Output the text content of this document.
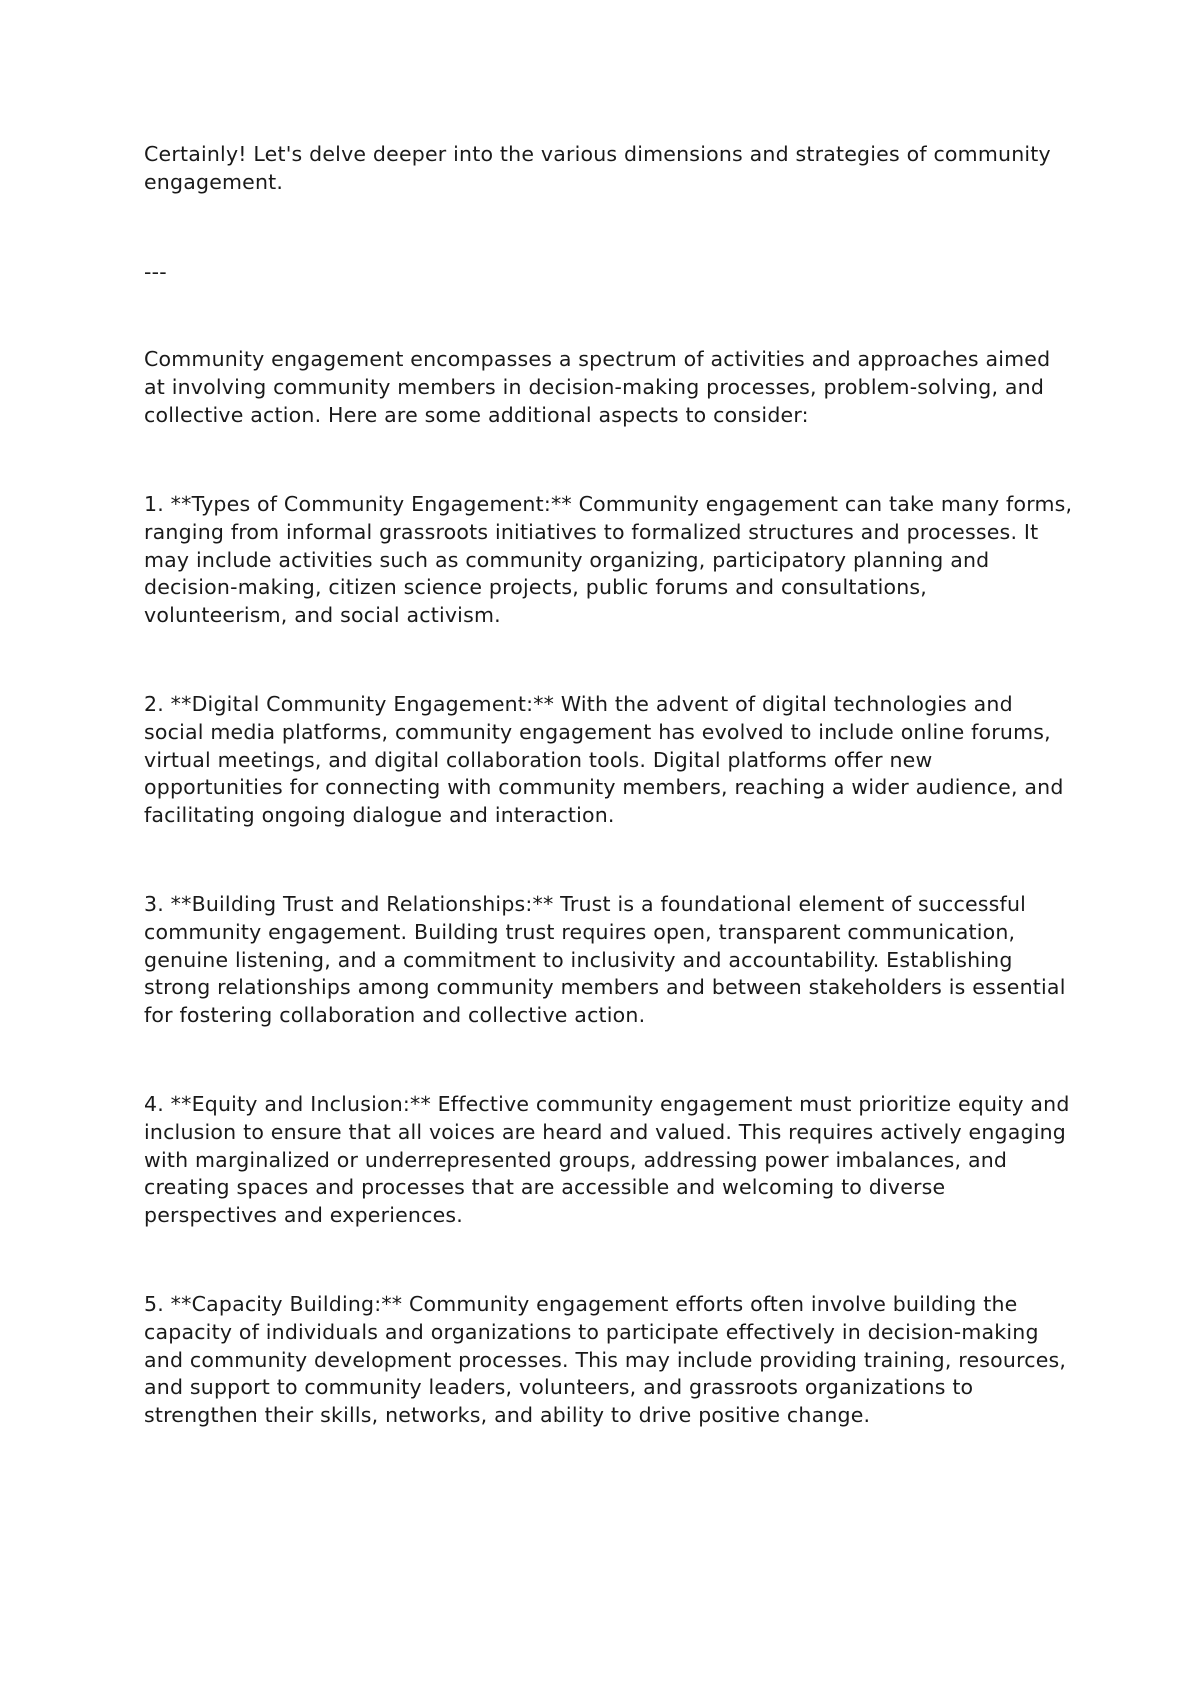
Certainly! Let's delve deeper into the various dimensions and strategies of community engagement.

---

Community engagement encompasses a spectrum of activities and approaches aimed at involving community members in decision-making processes, problem-solving, and collective action. Here are some additional aspects to consider:

1. **Types of Community Engagement:** Community engagement can take many forms, ranging from informal grassroots initiatives to formalized structures and processes. It may include activities such as community organizing, participatory planning and decision-making, citizen science projects, public forums and consultations, volunteerism, and social activism.

2. **Digital Community Engagement:** With the advent of digital technologies and social media platforms, community engagement has evolved to include online forums, virtual meetings, and digital collaboration tools. Digital platforms offer new opportunities for connecting with community members, reaching a wider audience, and facilitating ongoing dialogue and interaction.

3. **Building Trust and Relationships:** Trust is a foundational element of successful community engagement. Building trust requires open, transparent communication, genuine listening, and a commitment to inclusivity and accountability. Establishing strong relationships among community members and between stakeholders is essential for fostering collaboration and collective action.

4. **Equity and Inclusion:** Effective community engagement must prioritize equity and inclusion to ensure that all voices are heard and valued. This requires actively engaging with marginalized or underrepresented groups, addressing power imbalances, and creating spaces and processes that are accessible and welcoming to diverse perspectives and experiences.

5. **Capacity Building:** Community engagement efforts often involve building the capacity of individuals and organizations to participate effectively in decision-making and community development processes. This may include providing training, resources, and support to community leaders, volunteers, and grassroots organizations to strengthen their skills, networks, and ability to drive positive change.
